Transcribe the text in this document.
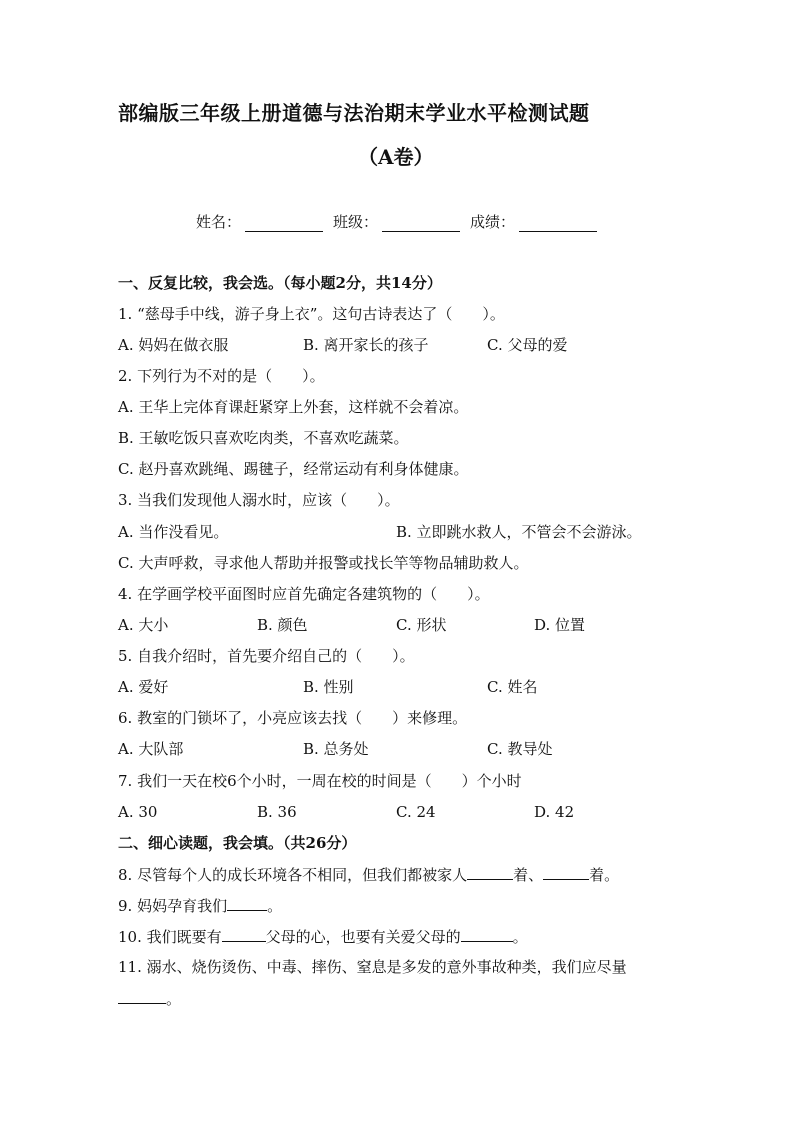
部编版三年级上册道德与法治期末学业水平检测试题
（A卷）
姓名：	班级：	成绩：
一、反复比较，我会选。（每小题2分，共14分）
1. “慈母手中线，游子身上衣”。这句古诗表达了（　　）。
A. 妈妈在做衣服	B. 离开家长的孩子	C. 父母的爱
2. 下列行为不对的是（　　）。
A. 王华上完体育课赶紧穿上外套，这样就不会着凉。
B. 王敏吃饭只喜欢吃肉类，不喜欢吃蔬菜。
C. 赵丹喜欢跳绳、踢毽子，经常运动有利身体健康。
3. 当我们发现他人溺水时，应该（　　）。
A. 当作没看见。	B. 立即跳水救人，不管会不会游泳。
C. 大声呼救，寻求他人帮助并报警或找长竿等物品辅助救人。
4. 在学画学校平面图时应首先确定各建筑物的（　　）。
A. 大小	B. 颜色	C. 形状	D. 位置
5. 自我介绍时，首先要介绍自己的（　　）。
A. 爱好	B. 性别	C. 姓名
6. 教室的门锁坏了，小亮应该去找（　　）来修理。
A. 大队部	B. 总务处	C. 教导处
7. 我们一天在校6个小时，一周在校的时间是（　　）个小时
A. 30	B. 36	C. 24	D. 42
二、细心读题，我会填。（共26分）
8. 尽管每个人的成长环境各不相同，但我们都被家人	着、	着。
9. 妈妈孕育我们	。
10. 我们既要有	父母的心，也要有关爱父母的	。
11. 溺水、烧伤烫伤、中毒、摔伤、窒息是多发的意外事故种类，我们应尽量
。
